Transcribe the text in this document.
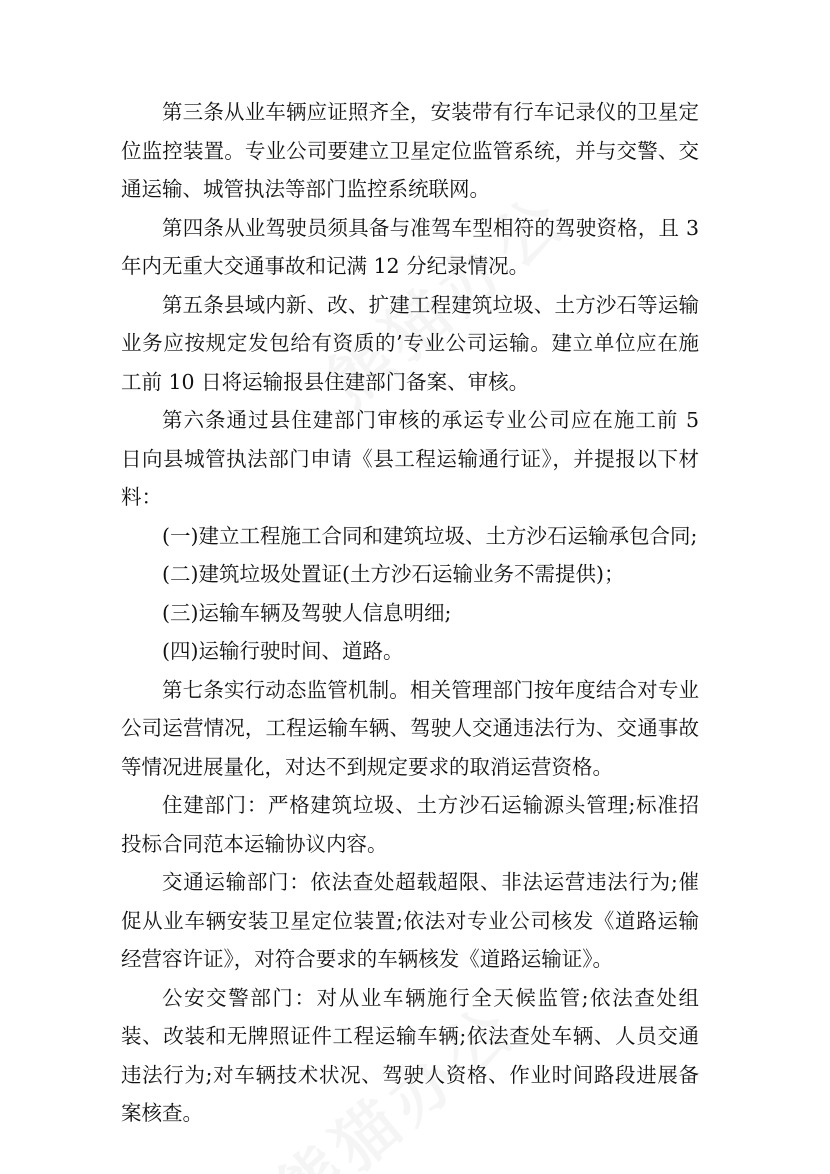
第三条从业车辆应证照齐全，安装带有行车记录仪的卫星定位监控装置。专业公司要建立卫星定位监管系统，并与交警、交通运输、城管执法等部门监控系统联网。

第四条从业驾驶员须具备与准驾车型相符的驾驶资格，且 3 年内无重大交通事故和记满 12 分纪录情况。

第五条县域内新、改、扩建工程建筑垃圾、土方沙石等运输业务应按规定发包给有资质的’专业公司运输。建立单位应在施工前 10 日将运输报县住建部门备案、审核。

第六条通过县住建部门审核的承运专业公司应在施工前 5 日向县城管执法部门申请《县工程运输通行证》，并提报以下材料：

(一)建立工程施工合同和建筑垃圾、土方沙石运输承包合同;

(二)建筑垃圾处置证(土方沙石运输业务不需提供)；

(三)运输车辆及驾驶人信息明细;

(四)运输行驶时间、道路。

第七条实行动态监管机制。相关管理部门按年度结合对专业公司运营情况，工程运输车辆、驾驶人交通违法行为、交通事故等情况进展量化，对达不到规定要求的取消运营资格。

住建部门：严格建筑垃圾、土方沙石运输源头管理;标准招投标合同范本运输协议内容。

交通运输部门：依法查处超载超限、非法运营违法行为;催促从业车辆安装卫星定位装置;依法对专业公司核发《道路运输经营容许证》，对符合要求的车辆核发《道路运输证》。

公安交警部门：对从业车辆施行全天候监管;依法查处组装、改装和无牌照证件工程运输车辆;依法查处车辆、人员交通违法行为;对车辆技术状况、驾驶人资格、作业时间路段进展备案核查。
